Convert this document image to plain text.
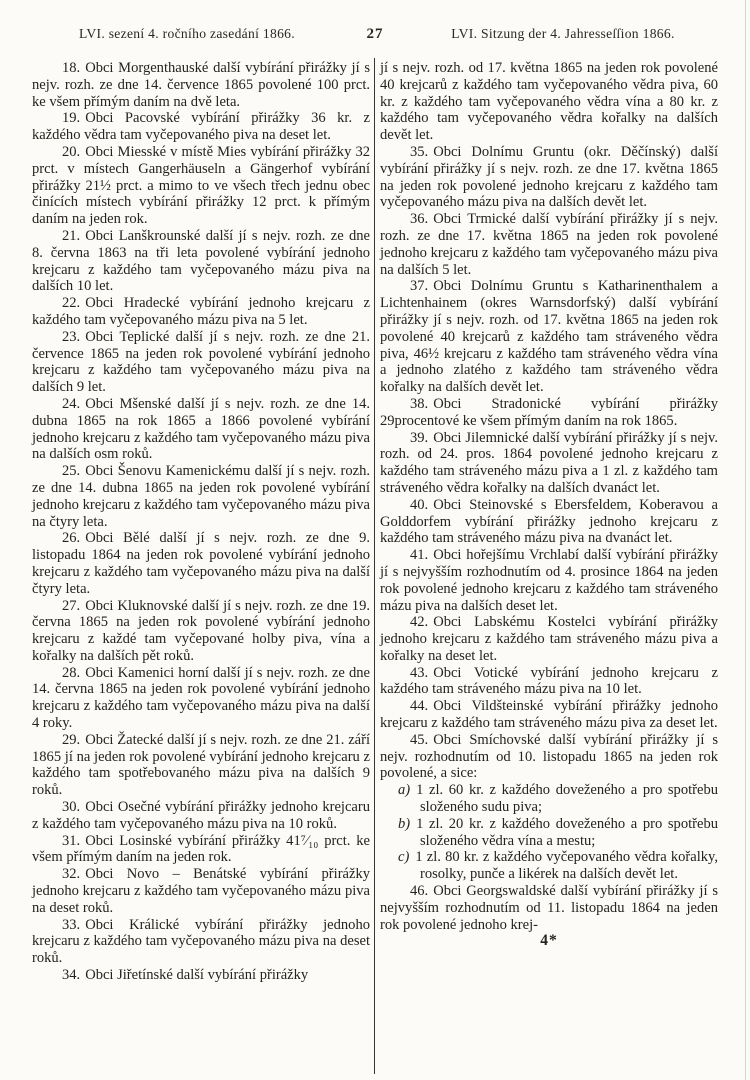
LVI. sezení 4. ročního zasedání 1866.	27	LVI. Sitzung der 4. Jahresseſſion 1866.

18. Obci Morgenthauské další vybírání přirážky jí s nejv. rozh. ze dne 14. července 1865 povolené 100 prct. ke všem přímým daním na dvě leta.

19. Obci Pacovské vybírání přirážky 36 kr. z každého vědra tam vyčepovaného piva na deset let.

20. Obci Miesské v místě Mies vybírání přirážky 32 prct. v místech Gangerhäuseln a Gängerhof vybírání přirážky 21½ prct. a mimo to ve všech třech jednu obec činících místech vybírání přirážky 12 prct. k přímým daním na jeden rok.

21. Obci Lanškrounské další jí s nejv. rozh. ze dne 8. června 1863 na tři leta povolené vybírání jednoho krejcaru z každého tam vyčepovaného mázu piva na dalších 10 let.

22. Obci Hradecké vybírání jednoho krejcaru z každého tam vyčepovaného mázu piva na 5 let.

23. Obci Teplické další jí s nejv. rozh. ze dne 21. července 1865 na jeden rok povolené vybírání jednoho krejcaru z každého tam vyčepovaného mázu piva na dalších 9 let.

24. Obci Mšenské další jí s nejv. rozh. ze dne 14. dubna 1865 na rok 1865 a 1866 povolené vybírání jednoho krejcaru z každého tam vyčepovaného mázu piva na dalších osm roků.

25. Obci Šenovu Kamenickému další jí s nejv. rozh. ze dne 14. dubna 1865 na jeden rok povolené vybírání jednoho krejcaru z každého tam vyčepovaného mázu piva na čtyry leta.

26. Obci Bělé další jí s nejv. rozh. ze dne 9. listopadu 1864 na jeden rok povolené vybírání jednoho krejcaru z každého tam vyčepovaného mázu piva na další čtyry leta.

27. Obci Kluknovské další jí s nejv. rozh. ze dne 19. června 1865 na jeden rok povolené vybírání jednoho krejcaru z každé tam vyčepované holby piva, vína a kořalky na dalších pět roků.

28. Obci Kamenici horní další jí s nejv. rozh. ze dne 14. června 1865 na jeden rok povolené vybírání jednoho krejcaru z každého tam vyčepovaného mázu piva na další 4 roky.

29. Obci Žatecké další jí s nejv. rozh. ze dne 21. září 1865 jí na jeden rok povolené vybírání jednoho krejcaru z každého tam spotřebovaného mázu piva na dalších 9 roků.

30. Obci Osečné vybírání přirážky jednoho krejcaru z každého tam vyčepovaného mázu piva na 10 roků.

31. Obci Losinské vybírání přirážky 41⁷⁄₁₀ prct. ke všem přímým daním na jeden rok.

32. Obci Novo – Benátské vybírání přirážky jednoho krejcaru z každého tam vyčepovaného mázu piva na deset roků.

33. Obci Králické vybírání přirážky jednoho krejcaru z každého tam vyčepovaného mázu piva na deset roků.

34. Obci Jiřetínské další vybírání přirážky

jí s nejv. rozh. od 17. května 1865 na jeden rok povolené 40 krejcarů z každého tam vyčepovaného vědra piva, 60 kr. z každého tam vyčepovaného vědra vína a 80 kr. z každého tam vyčepovaného vědra kořalky na dalších devět let.

35. Obci Dolnímu Gruntu (okr. Děčínský) další vybírání přirážky jí s nejv. rozh. ze dne 17. května 1865 na jeden rok povolené jednoho krejcaru z každého tam vyčepovaného mázu piva na dalších devět let.

36. Obci Trmické další vybírání přirážky jí s nejv. rozh. ze dne 17. května 1865 na jeden rok povolené jednoho krejcaru z každého tam vyčepovaného mázu piva na dalších 5 let.

37. Obci Dolnímu Gruntu s Katharinenthalem a Lichtenhainem (okres Warnsdorfský) další vybírání přirážky jí s nejv. rozh. od 17. května 1865 na jeden rok povolené 40 krejcarů z každého tam stráveného vědra piva, 46½ krejcaru z každého tam stráveného vědra vína a jednoho zlatého z každého tam stráveného vědra kořalky na dalších devět let.

38. Obci Stradonické vybírání přirážky 29procentové ke všem přímým daním na rok 1865.

39. Obci Jilemnické další vybírání přirážky jí s nejv. rozh. od 24. pros. 1864 povolené jednoho krejcaru z každého tam stráveného mázu piva a 1 zl. z každého tam stráveného vědra kořalky na dalších dvanáct let.

40. Obci Steinovské s Ebersfeldem, Koberavou a Golddorfem vybírání přirážky jednoho krejcaru z každého tam stráveného mázu piva na dvanáct let.

41. Obci hořejšímu Vrchlabí další vybírání přirážky jí s nejvyšším rozhodnutím od 4. prosince 1864 na jeden rok povolené jednoho krejcaru z každého tam stráveného mázu piva na dalších deset let.

42. Obci Labskému Kostelci vybírání přirážky jednoho krejcaru z každého tam stráveného mázu piva a kořalky na deset let.

43. Obci Votické vybírání jednoho krejcaru z každého tam stráveného mázu piva na 10 let.

44. Obci Vildšteinské vybírání přirážky jednoho krejcaru z každého tam stráveného mázu piva za deset let.

45. Obci Smíchovské další vybírání přirážky jí s nejv. rozhodnutím od 10. listopadu 1865 na jeden rok povolené, a sice:

a) 1 zl. 60 kr. z každého doveženého a pro spotřebu složeného sudu piva;

b) 1 zl. 20 kr. z každého doveženého a pro spotřebu složeného vědra vína a mestu;

c) 1 zl. 80 kr. z každého vyčepovaného vědra kořalky, rosolky, punče a likérek na dalších devět let.

46. Obci Georgswaldské další vybírání přirážky jí s nejvyšším rozhodnutím od 11. listopadu 1864 na jeden rok povolené jednoho krej-

4*
